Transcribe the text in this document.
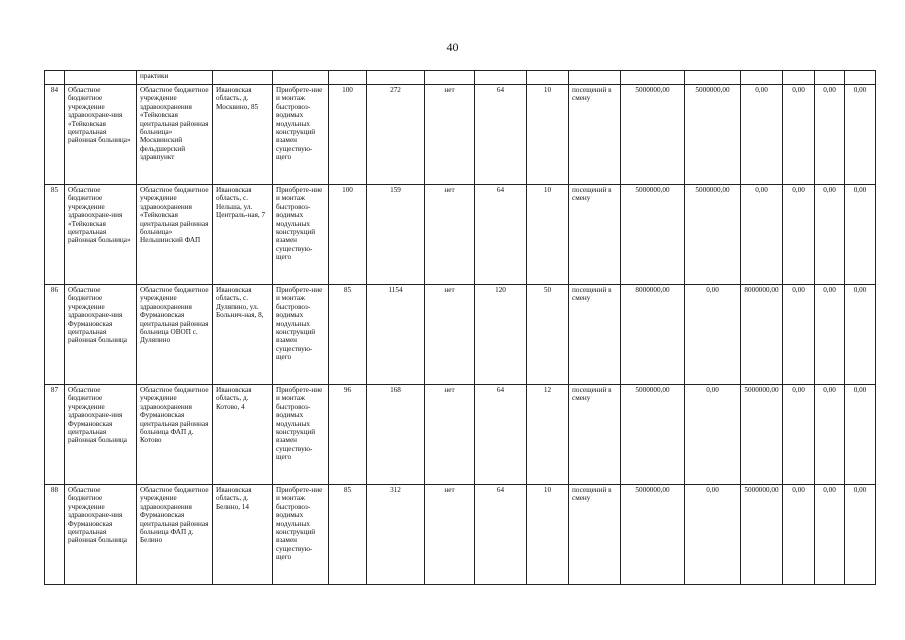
40
		практики														
84	Областное бюджетное учреждение здравоохране-ния «Тейковская центральная районная больница»	Областное бюджетное учреждение здравоохранения «Тейковская центральная районная больница» Москвинский фельдшерский здравпункт	Ивановская область, д. Москвино, 85	Приобрете-ние и монтаж быстровоз-водимых модульных конструкций взамен существую-щего	100	272	нет	64	10	посещений в смену	5000000,00	5000000,00	0,00	0,00	0,00	0,00
85	Областное бюджетное учреждение здравоохране-ния «Тейковская центральная районная больница»	Областное бюджетное учреждение здравоохранения «Тейковская центральная районная больница» Нельшинский ФАП	Ивановская область, с. Нельша, ул. Централь-ная, 7	Приобрете-ние и монтаж быстровоз-водимых модульных конструкций взамен существую-щего	100	159	нет	64	10	посещений в смену	5000000,00	5000000,00	0,00	0,00	0,00	0,00
86	Областное бюджетное учреждение здравоохране-ния Фурмановская центральная районная больница	Областное бюджетное учреждение здравоохранения Фурмановская центральная районная больница ОВОП с. Дуляпино	Ивановская область, с. Дуляпино, ул. Больнич-ная, 8,	Приобрете-ние и монтаж быстровоз-водимых модульных конструкций взамен существую-щего	85	1154	нет	120	50	посещений в смену	8000000,00	0,00	8000000,00	0,00	0,00	0,00
87	Областное бюджетное учреждение здравоохране-ния Фурмановская центральная районная больница	Областное бюджетное учреждение здравоохранения Фурмановская центральная районная больница ФАП д. Котово	Ивановская область, д. Котово, 4	Приобрете-ние и монтаж быстровоз-водимых модульных конструкций взамен существую-щего	96	168	нет	64	12	посещений в смену	5000000,00	0,00	5000000,00	0,00	0,00	0,00
88	Областное бюджетное учреждение здравоохране-ния Фурмановская центральная районная больница	Областное бюджетное учреждение здравоохранения Фурмановская центральная районная больница ФАП д. Белино	Ивановская область, д. Белино, 14	Приобрете-ние и монтаж быстровоз-водимых модульных конструкций взамен существую-щего	85	312	нет	64	10	посещений в смену	5000000,00	0,00	5000000,00	0,00	0,00	0,00
